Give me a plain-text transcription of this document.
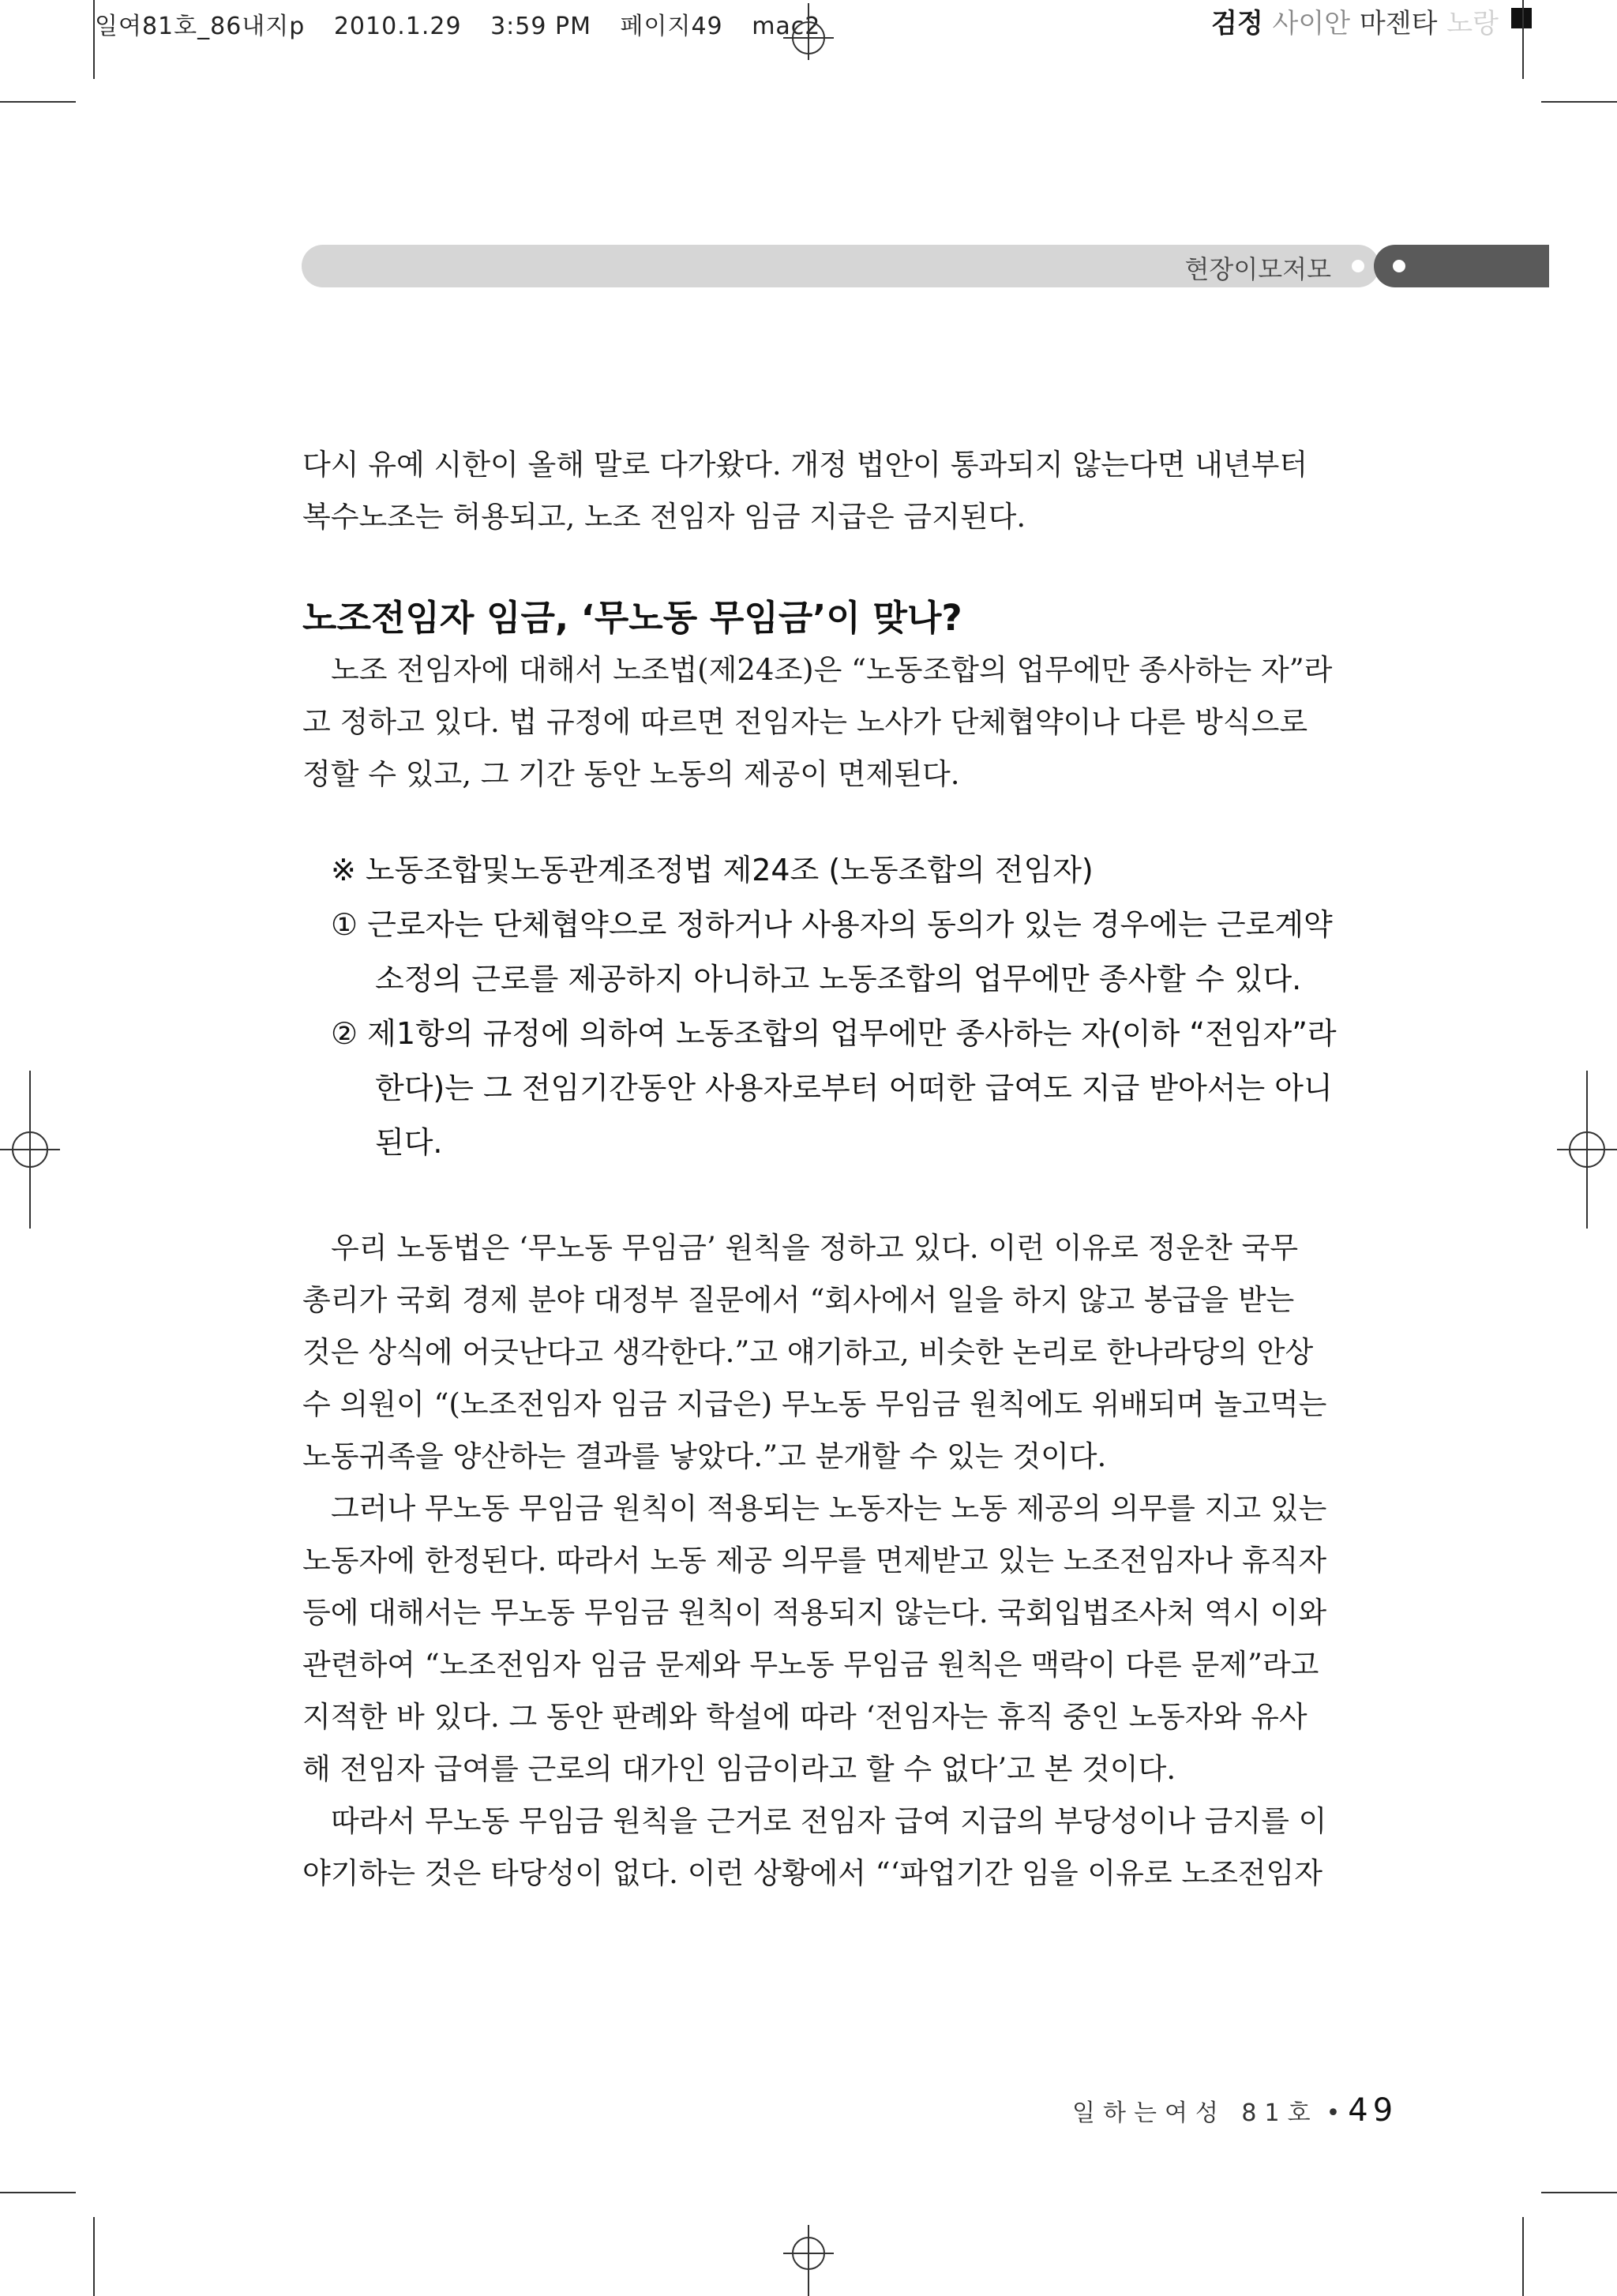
일여81호_86내지p 2010.1.29 3:59 PM 페이지49 mac2	검정 사이안 마젠타 노랑
현장이모저모

다시 유예 시한이 올해 말로 다가왔다. 개정 법안이 통과되지 않는다면 내년부터
복수노조는 허용되고, 노조 전임자 임금 지급은 금지된다.

노조전임자 임금, ‘무노동 무임금’이 맞나?

노조 전임자에 대해서 노조법(제24조)은 “노동조합의 업무에만 종사하는 자”라
고 정하고 있다. 법 규정에 따르면 전임자는 노사가 단체협약이나 다른 방식으로
정할 수 있고, 그 기간 동안 노동의 제공이 면제된다.

※ 노동조합및노동관계조정법 제24조 (노동조합의 전임자)
① 근로자는 단체협약으로 정하거나 사용자의 동의가 있는 경우에는 근로계약
소정의 근로를 제공하지 아니하고 노동조합의 업무에만 종사할 수 있다.
② 제1항의 규정에 의하여 노동조합의 업무에만 종사하는 자(이하 “전임자”라
한다)는 그 전임기간동안 사용자로부터 어떠한 급여도 지급 받아서는 아니
된다.

우리 노동법은 ‘무노동 무임금’ 원칙을 정하고 있다. 이런 이유로 정운찬 국무
총리가 국회 경제 분야 대정부 질문에서 “회사에서 일을 하지 않고 봉급을 받는
것은 상식에 어긋난다고 생각한다.”고 얘기하고, 비슷한 논리로 한나라당의 안상
수 의원이 “(노조전임자 임금 지급은) 무노동 무임금 원칙에도 위배되며 놀고먹는
노동귀족을 양산하는 결과를 낳았다.”고 분개할 수 있는 것이다.

그러나 무노동 무임금 원칙이 적용되는 노동자는 노동 제공의 의무를 지고 있는
노동자에 한정된다. 따라서 노동 제공 의무를 면제받고 있는 노조전임자나 휴직자
등에 대해서는 무노동 무임금 원칙이 적용되지 않는다. 국회입법조사처 역시 이와
관련하여 “노조전임자 임금 문제와 무노동 무임금 원칙은 맥락이 다른 문제”라고
지적한 바 있다. 그 동안 판례와 학설에 따라 ‘전임자는 휴직 중인 노동자와 유사
해 전임자 급여를 근로의 대가인 임금이라고 할 수 없다’고 본 것이다.

따라서 무노동 무임금 원칙을 근거로 전임자 급여 지급의 부당성이나 금지를 이
야기하는 것은 타당성이 없다. 이런 상황에서 “‘파업기간 임을 이유로 노조전임자

일하는여성 81호 • 49
